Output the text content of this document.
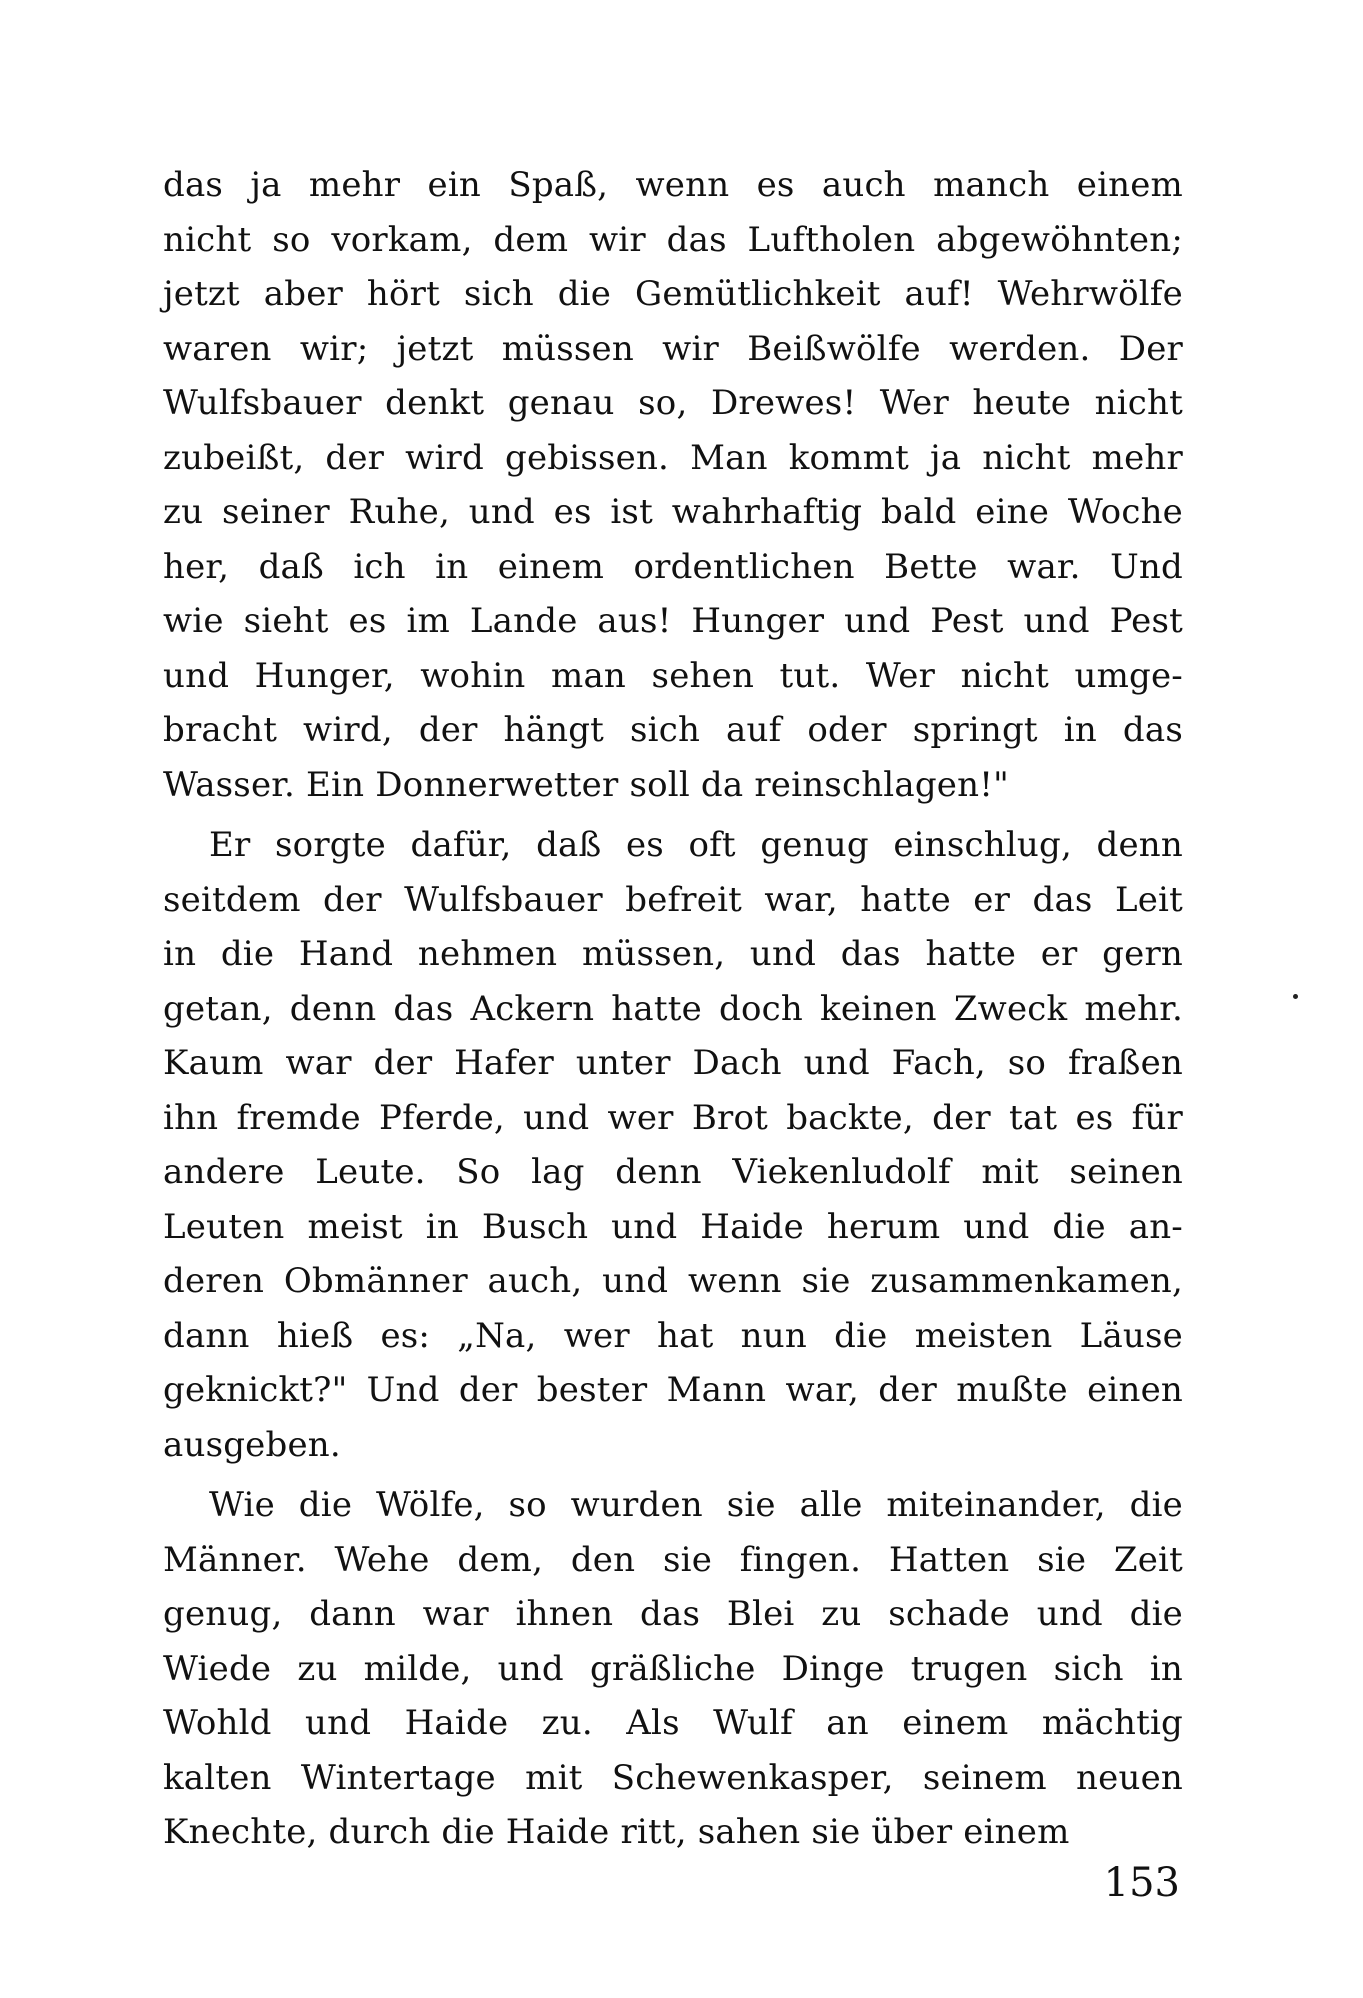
das ja mehr ein Spaß, wenn es auch manch einem
nicht so vorkam, dem wir das Luftholen abgewöhnten;
jetzt aber hört sich die Gemütlichkeit auf! Wehrwölfe
waren wir; jetzt müssen wir Beißwölfe werden. Der
Wulfsbauer denkt genau so, Drewes! Wer heute nicht
zubeißt, der wird gebissen. Man kommt ja nicht mehr
zu seiner Ruhe, und es ist wahrhaftig bald eine Woche
her, daß ich in einem ordentlichen Bette war. Und
wie sieht es im Lande aus! Hunger und Pest und Pest
und Hunger, wohin man sehen tut. Wer nicht umge-
bracht wird, der hängt sich auf oder springt in das
Wasser. Ein Donnerwetter soll da reinschlagen!"
Er sorgte dafür, daß es oft genug einschlug, denn
seitdem der Wulfsbauer befreit war, hatte er das Leit
in die Hand nehmen müssen, und das hatte er gern
getan, denn das Ackern hatte doch keinen Zweck mehr.
Kaum war der Hafer unter Dach und Fach, so fraßen
ihn fremde Pferde, und wer Brot backte, der tat es für
andere Leute. So lag denn Viekenludolf mit seinen
Leuten meist in Busch und Haide herum und die an-
deren Obmänner auch, und wenn sie zusammenkamen,
dann hieß es: „Na, wer hat nun die meisten Läuse
geknickt?" Und der bester Mann war, der mußte einen
ausgeben.
Wie die Wölfe, so wurden sie alle miteinander, die
Männer. Wehe dem, den sie fingen. Hatten sie Zeit
genug, dann war ihnen das Blei zu schade und die
Wiede zu milde, und gräßliche Dinge trugen sich in
Wohld und Haide zu. Als Wulf an einem mächtig
kalten Wintertage mit Schewenkasper, seinem neuen
Knechte, durch die Haide ritt, sahen sie über einem
153
